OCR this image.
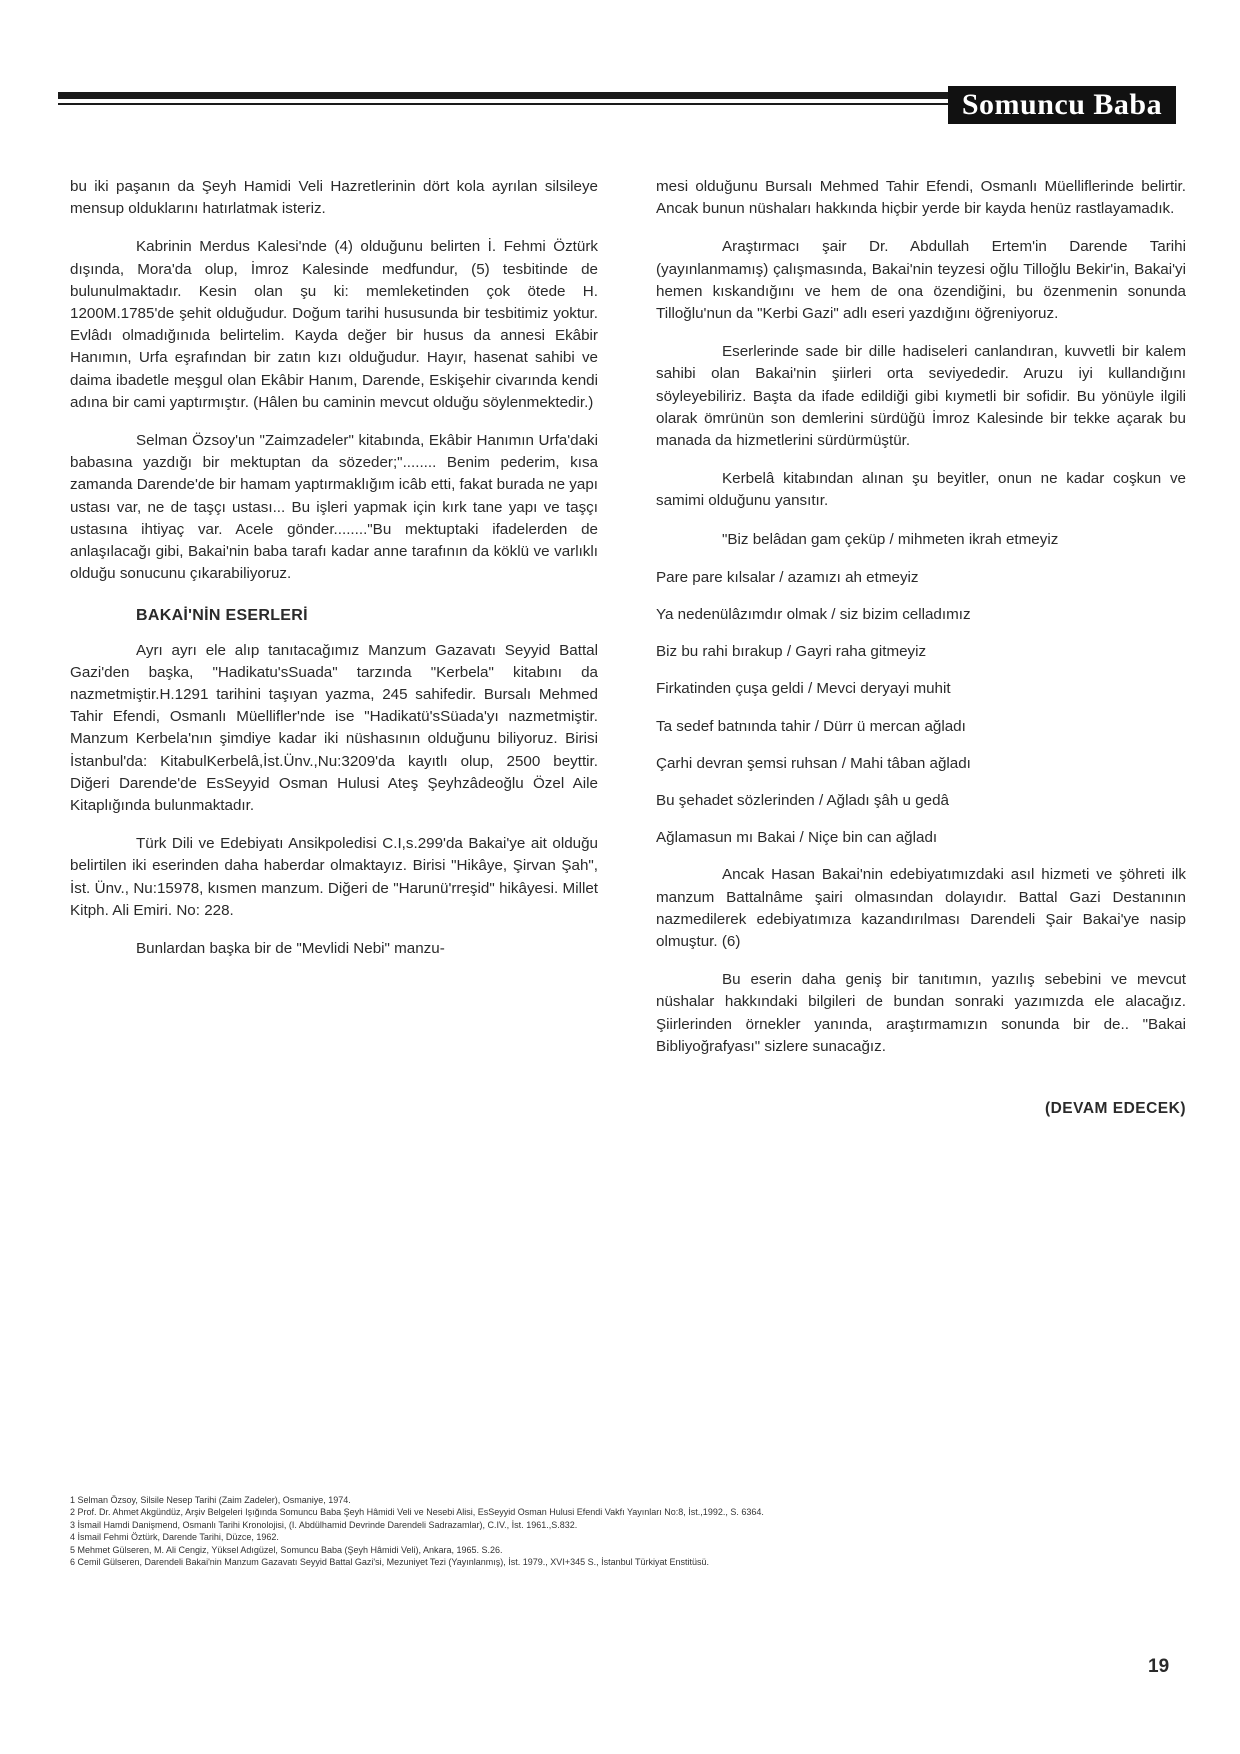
Somuncu Baba

bu iki paşanın da Şeyh Hamidi Veli Hazretlerinin dört kola ayrılan silsileye mensup olduklarını hatırlatmak isteriz.

Kabrinin Merdus Kalesi'nde (4) olduğunu belirten İ. Fehmi Öztürk dışında, Mora'da olup, İmroz Kalesinde medfundur, (5) tesbitinde de bulunulmaktadır. Kesin olan şu ki: memleketinden çok ötede H. 1200M.1785'de şehit olduğudur. Doğum tarihi hususunda bir tesbitimiz yoktur. Evlâdı olmadığınıda belirtelim. Kayda değer bir husus da annesi Ekâbir Hanımın, Urfa eşrafından bir zatın kızı olduğudur. Hayır, hasenat sahibi ve daima ibadetle meşgul olan Ekâbir Hanım, Darende, Eskişehir civarında kendi adına bir cami yaptırmıştır. (Hâlen bu caminin mevcut olduğu söylenmektedir.)

Selman Özsoy'un "Zaimzadeler" kitabında, Ekâbir Hanımın Urfa'daki babasına yazdığı bir mektuptan da sözeder;"........ Benim pederim, kısa zamanda Darende'de bir hamam yaptırmaklığım icâb etti, fakat burada ne yapı ustası var, ne de taşçı ustası... Bu işleri yapmak için kırk tane yapı ve taşçı ustasına ihtiyaç var. Acele gönder........"Bu mektuptaki ifadelerden de anlaşılacağı gibi, Bakai'nin baba tarafı kadar anne tarafının da köklü ve varlıklı olduğu sonucunu çıkarabiliyoruz.

BAKAİ'NİN ESERLERİ

Ayrı ayrı ele alıp tanıtacağımız Manzum Gazavatı Seyyid Battal Gazi'den başka, "Hadikatu'sSuada" tarzında "Kerbela" kitabını da nazmetmiştir.H.1291 tarihini taşıyan yazma, 245 sahifedir. Bursalı Mehmed Tahir Efendi, Osmanlı Müellifler'nde ise "Hadikatü'sSüada'yı nazmetmiştir. Manzum Kerbela'nın şimdiye kadar iki nüshasının olduğunu biliyoruz. Birisi İstanbul'da: KitabulKerbelâ,İst.Ünv.,Nu:3209'da kayıtlı olup, 2500 beyttir. Diğeri Darende'de EsSeyyid Osman Hulusi Ateş Şeyhzâdeoğlu Özel Aile Kitaplığında bulunmaktadır.

Türk Dili ve Edebiyatı Ansikpoledisi C.I,s.299'da Bakai'ye ait olduğu belirtilen iki eserinden daha haberdar olmaktayız. Birisi "Hikâye, Şirvan Şah", İst. Ünv., Nu:15978, kısmen manzum. Diğeri de "Harunü'rreşid" hikâyesi. Millet Kitph. Ali Emiri. No: 228.

Bunlardan başka bir de "Mevlidi Nebi" manzu-

mesi olduğunu Bursalı Mehmed Tahir Efendi, Osmanlı Müelliflerinde belirtir. Ancak bunun nüshaları hakkında hiçbir yerde bir kayda henüz rastlayamadık.

Araştırmacı şair Dr. Abdullah Ertem'in Darende Tarihi (yayınlanmamış) çalışmasında, Bakai'nin teyzesi oğlu Tilloğlu Bekir'in, Bakai'yi hemen kıskandığını ve hem de ona özendiğini, bu özenmenin sonunda Tilloğlu'nun da "Kerbi Gazi" adlı eseri yazdığını öğreniyoruz.

Eserlerinde sade bir dille hadiseleri canlandıran, kuvvetli bir kalem sahibi olan Bakai'nin şiirleri orta seviyededir. Aruzu iyi kullandığını söyleyebiliriz. Başta da ifade edildiği gibi kıymetli bir sofidir. Bu yönüyle ilgili olarak ömrünün son demlerini sürdüğü İmroz Kalesinde bir tekke açarak bu manada da hizmetlerini sürdürmüştür.

Kerbelâ kitabından alınan şu beyitler, onun ne kadar coşkun ve samimi olduğunu yansıtır.

"Biz belâdan gam çeküp / mihmeten ikrah etmeyiz

Pare pare kılsalar / azamızı ah etmeyiz
Ya nedenülâzımdır olmak / siz bizim celladımız
Biz bu rahi bırakup / Gayri raha gitmeyiz
Firkatinden çuşa geldi / Mevci deryayi muhit
Ta sedef batnında tahir / Dürr ü mercan ağladı
Çarhi devran şemsi ruhsan / Mahi tâban ağladı
Bu şehadet sözlerinden / Ağladı şâh u gedâ
Ağlamasun mı Bakai / Niçe bin can ağladı

Ancak Hasan Bakai'nin edebiyatımızdaki asıl hizmeti ve şöhreti ilk manzum Battalnâme şairi olmasından dolayıdır. Battal Gazi Destanının nazmedilerek edebiyatımıza kazandırılması Darendeli Şair Bakai'ye nasip olmuştur. (6)

Bu eserin daha geniş bir tanıtımın, yazılış sebebini ve mevcut nüshalar hakkındaki bilgileri de bundan sonraki yazımızda ele alacağız. Şiirlerinden örnekler yanında, araştırmamızın sonunda bir de.. "Bakai Bibliyoğrafyası" sizlere sunacağız.

(DEVAM EDECEK)
1 Selman Özsoy, Silsile Nesep Tarihi (Zaim Zadeler), Osmaniye, 1974.
2 Prof. Dr. Ahmet Akgündüz, Arşiv Belgeleri Işığında Somuncu Baba Şeyh Hâmidi Veli ve Nesebi Alisi, EsSeyyid Osman Hulusi Efendi Vakfı Yayınları No:8, İst.,1992., S. 6364.
3 İsmail Hamdi Danişmend, Osmanlı Tarihi Kronolojisi, (I. Abdülhamid Devrinde Darendeli Sadrazamlar), C.IV., İst. 1961.,S.832.
4 İsmail Fehmi Öztürk, Darende Tarihi, Düzce, 1962.
5 Mehmet Gülseren, M. Ali Cengiz, Yüksel Adıgüzel, Somuncu Baba (Şeyh Hâmidi Veli), Ankara, 1965. S.26.
6 Cemil Gülseren, Darendeli Bakai'nin Manzum Gazavatı Seyyid Battal Gazi'si, Mezuniyet Tezi (Yayınlanmış), İst. 1979., XVI+345 S., İstanbul Türkiyat Enstitüsü.
19
